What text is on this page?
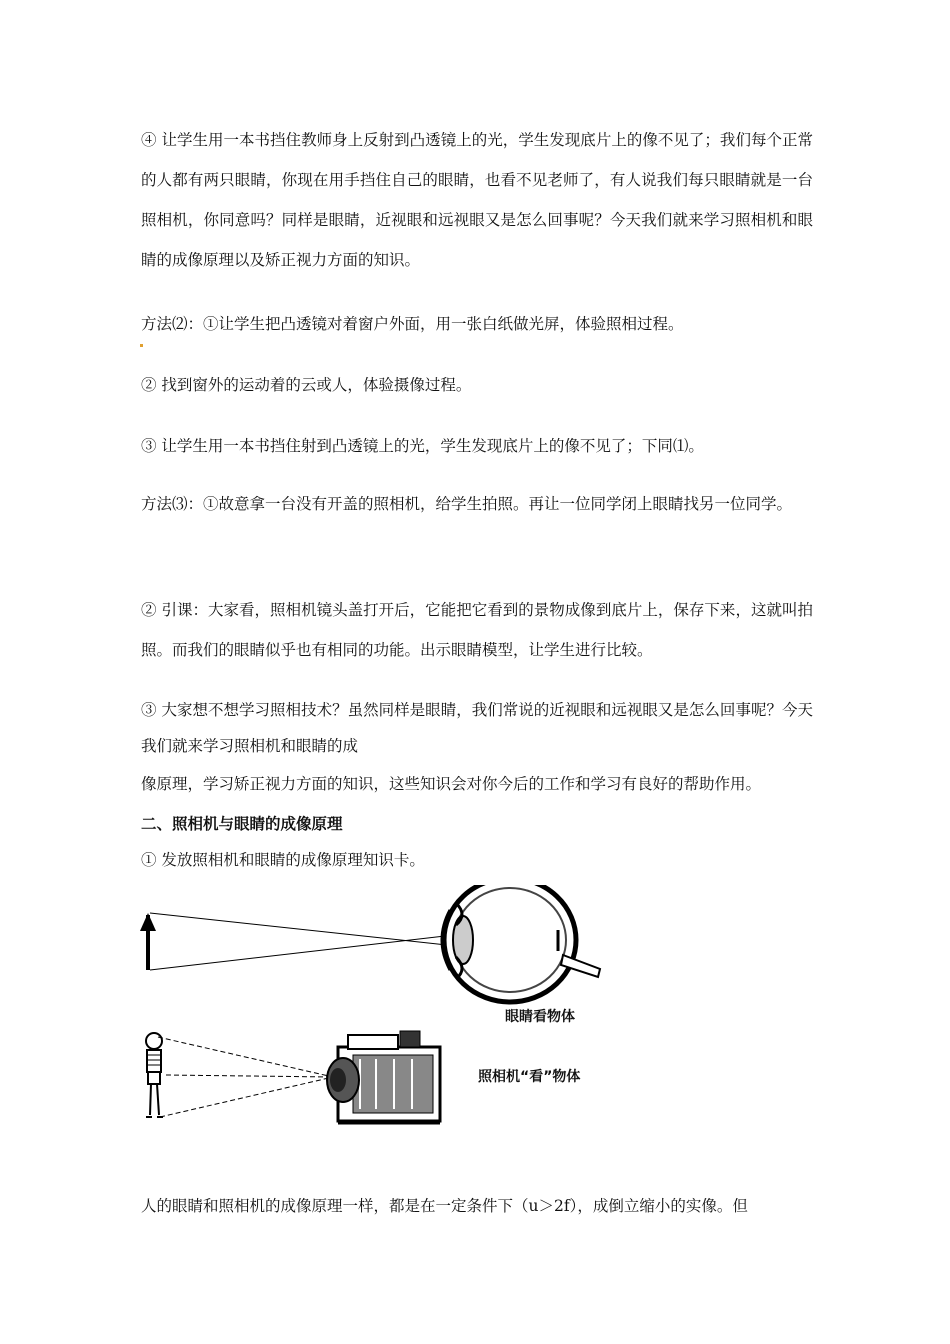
④ 让学生用一本书挡住教师身上反射到凸透镜上的光，学生发现底片上的像不见了；我们每个正常的人都有两只眼睛，你现在用手挡住自己的眼睛，也看不见老师了，有人说我们每只眼睛就是一台照相机，你同意吗？同样是眼睛，近视眼和远视眼又是怎么回事呢？今天我们就来学习照相机和眼睛的成像原理以及矫正视力方面的知识。

方法⑵：①让学生把凸透镜对着窗户外面，用一张白纸做光屏，体验照相过程。

② 找到窗外的运动着的云或人，体验摄像过程。

③ 让学生用一本书挡住射到凸透镜上的光，学生发现底片上的像不见了；下同⑴。

方法⑶：①故意拿一台没有开盖的照相机，给学生拍照。再让一位同学闭上眼睛找另一位同学。

② 引课：大家看，照相机镜头盖打开后，它能把它看到的景物成像到底片上，保存下来，这就叫拍照。而我们的眼睛似乎也有相同的功能。出示眼睛模型，让学生进行比较。

③ 大家想不想学习照相技术？虽然同样是眼睛，我们常说的近视眼和远视眼又是怎么回事呢？今天我们就来学习照相机和眼睛的成

像原理，学习矫正视力方面的知识，这些知识会对你今后的工作和学习有良好的帮助作用。

二、照相机与眼睛的成像原理

① 发放照相机和眼睛的成像原理知识卡。

眼睛看物体
照相机“看”物体

人的眼睛和照相机的成像原理一样，都是在一定条件下（u＞2f），成倒立缩小的实像。但
